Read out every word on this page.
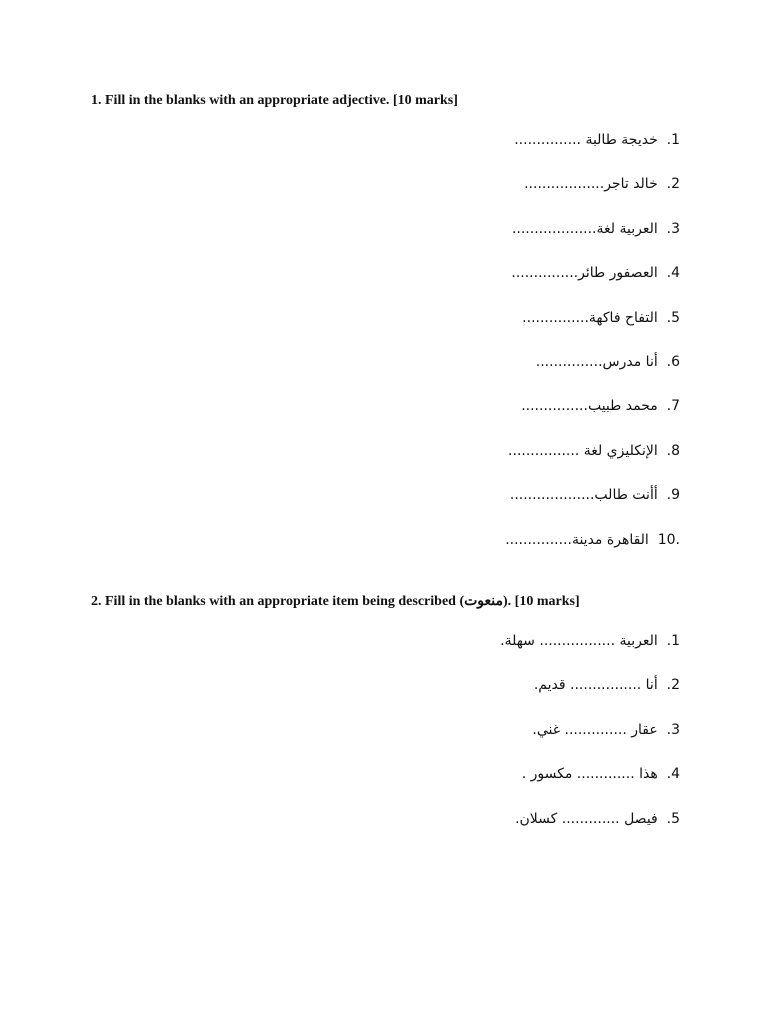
1. Fill in the blanks with an appropriate adjective. [10 marks]
.1  خديجة طالبة ...............
.2  خالد تاجر..................
.3  العربية لغة...................
.4  العصفور طائر...............
.5  التفاح فاكهة...............
.6  أنا مدرس...............
.7  محمد طبيب...............
.8  الإنكليزي لغة ................
.9  أأنت طالب...................
10.  القاهرة مدينة...............
2. Fill in the blanks with an appropriate item being described (منعوت). [10 marks]
.1  العربية ................. سهلة.
.2  أنا ................ قديم.
.3  عقار .............. غني.
.4  هذا ............. مكسور .
.5  فيصل ............. كسلان.
